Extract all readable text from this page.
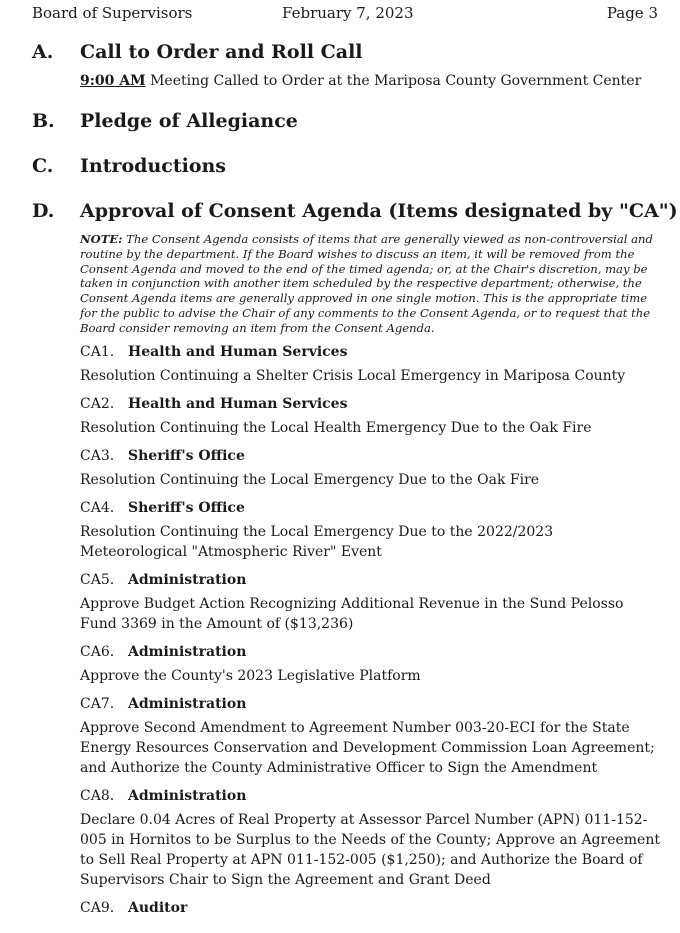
Board of Supervisors	February 7, 2023	Page 3
A. Call to Order and Roll Call
9:00 AM Meeting Called to Order at the Mariposa County Government Center
B. Pledge of Allegiance
C. Introductions
D. Approval of Consent Agenda (Items designated by "CA")
NOTE: The Consent Agenda consists of items that are generally viewed as non-controversial and routine by the department. If the Board wishes to discuss an item, it will be removed from the Consent Agenda and moved to the end of the timed agenda; or, at the Chair's discretion, may be taken in conjunction with another item scheduled by the respective department; otherwise, the Consent Agenda items are generally approved in one single motion. This is the appropriate time for the public to advise the Chair of any comments to the Consent Agenda, or to request that the Board consider removing an item from the Consent Agenda.
CA1. Health and Human Services
Resolution Continuing a Shelter Crisis Local Emergency in Mariposa County
CA2. Health and Human Services
Resolution Continuing the Local Health Emergency Due to the Oak Fire
CA3. Sheriff's Office
Resolution Continuing the Local Emergency Due to the Oak Fire
CA4. Sheriff's Office
Resolution Continuing the Local Emergency Due to the 2022/2023 Meteorological "Atmospheric River" Event
CA5. Administration
Approve Budget Action Recognizing Additional Revenue in the Sund Pelosso Fund 3369 in the Amount of ($13,236)
CA6. Administration
Approve the County's 2023 Legislative Platform
CA7. Administration
Approve Second Amendment to Agreement Number 003-20-ECI for the State Energy Resources Conservation and Development Commission Loan Agreement; and Authorize the County Administrative Officer to Sign the Amendment
CA8. Administration
Declare 0.04 Acres of Real Property at Assessor Parcel Number (APN) 011-152-005 in Hornitos to be Surplus to the Needs of the County; Approve an Agreement to Sell Real Property at APN 011-152-005 ($1,250); and Authorize the Board of Supervisors Chair to Sign the Agreement and Grant Deed
CA9. Auditor
